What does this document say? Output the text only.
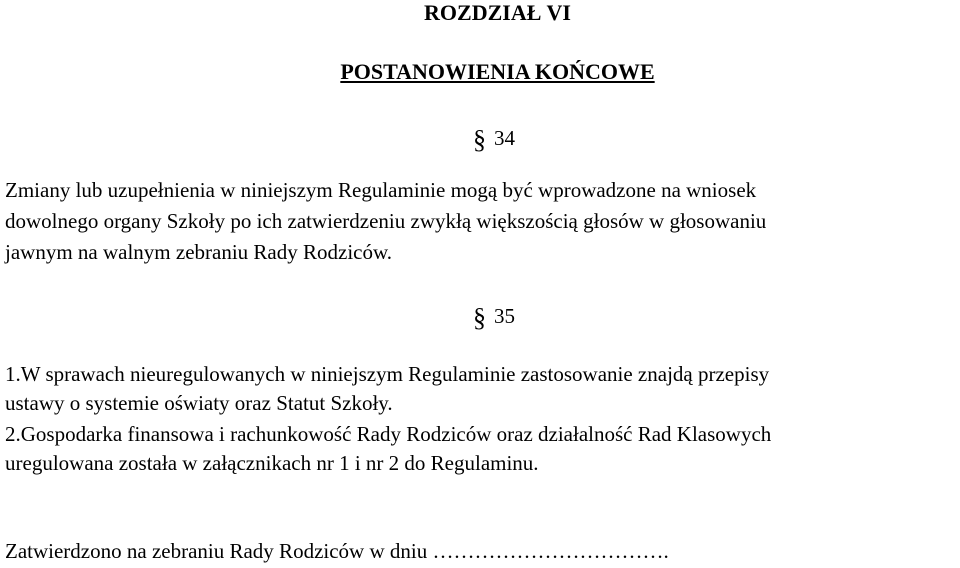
ROZDZIAŁ VI
POSTANOWIENIA KOŃCOWE
§ 34
Zmiany lub uzupełnienia w niniejszym Regulaminie mogą być wprowadzone na wniosek
dowolnego organy Szkoły po ich zatwierdzeniu zwykłą większością głosów w głosowaniu
jawnym na walnym zebraniu Rady Rodziców.
§ 35
1.W sprawach nieuregulowanych w niniejszym Regulaminie zastosowanie znajdą przepisy
ustawy o systemie oświaty oraz Statut Szkoły.
2.Gospodarka finansowa i rachunkowość Rady Rodziców oraz działalność Rad Klasowych
uregulowana została w załącznikach nr 1 i nr 2 do Regulaminu.
Zatwierdzono na zebraniu Rady Rodziców w dniu …………………………….
